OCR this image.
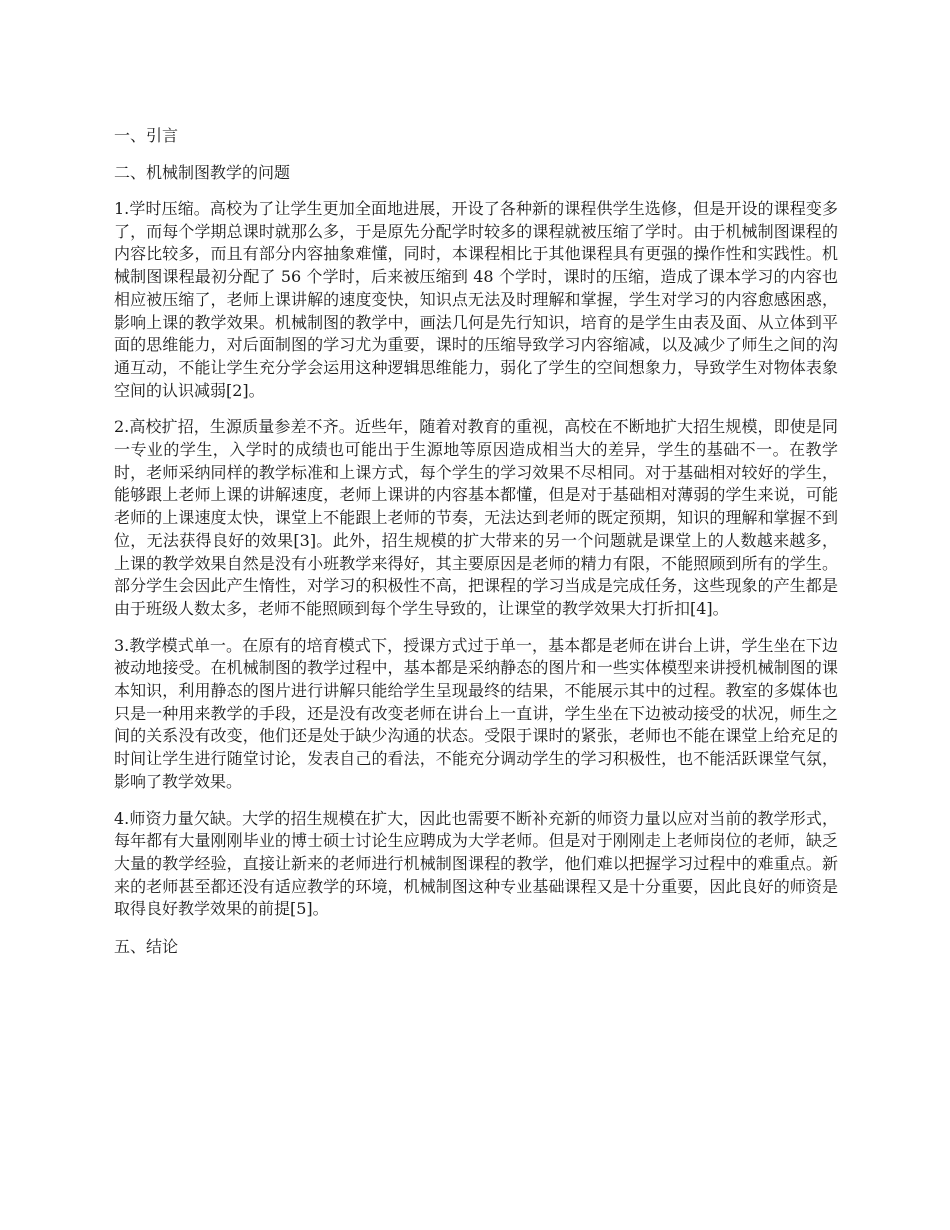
一、引言
二、机械制图教学的问题

1.学时压缩。高校为了让学生更加全面地进展，开设了各种新的课程供学生选修，但是开设的课程变多了，而每个学期总课时就那么多，于是原先分配学时较多的课程就被压缩了学时。由于机械制图课程的内容比较多，而且有部分内容抽象难懂，同时，本课程相比于其他课程具有更强的操作性和实践性。机械制图课程最初分配了 56 个学时，后来被压缩到 48 个学时，课时的压缩，造成了课本学习的内容也相应被压缩了，老师上课讲解的速度变快，知识点无法及时理解和掌握，学生对学习的内容愈感困惑，影响上课的教学效果。机械制图的教学中，画法几何是先行知识，培育的是学生由表及面、从立体到平面的思维能力，对后面制图的学习尤为重要，课时的压缩导致学习内容缩减，以及减少了师生之间的沟通互动，不能让学生充分学会运用这种逻辑思维能力，弱化了学生的空间想象力，导致学生对物体表象空间的认识减弱[2]。

2.高校扩招，生源质量参差不齐。近些年，随着对教育的重视，高校在不断地扩大招生规模，即使是同一专业的学生，入学时的成绩也可能出于生源地等原因造成相当大的差异，学生的基础不一。在教学时，老师采纳同样的教学标准和上课方式，每个学生的学习效果不尽相同。对于基础相对较好的学生，能够跟上老师上课的讲解速度，老师上课讲的内容基本都懂，但是对于基础相对薄弱的学生来说，可能老师的上课速度太快，课堂上不能跟上老师的节奏，无法达到老师的既定预期，知识的理解和掌握不到位，无法获得良好的效果[3]。此外，招生规模的扩大带来的另一个问题就是课堂上的人数越来越多，上课的教学效果自然是没有小班教学来得好，其主要原因是老师的精力有限，不能照顾到所有的学生。部分学生会因此产生惰性，对学习的积极性不高，把课程的学习当成是完成任务，这些现象的产生都是由于班级人数太多，老师不能照顾到每个学生导致的，让课堂的教学效果大打折扣[4]。

3.教学模式单一。在原有的培育模式下，授课方式过于单一，基本都是老师在讲台上讲，学生坐在下边被动地接受。在机械制图的教学过程中，基本都是采纳静态的图片和一些实体模型来讲授机械制图的课本知识，利用静态的图片进行讲解只能给学生呈现最终的结果，不能展示其中的过程。教室的多媒体也只是一种用来教学的手段，还是没有改变老师在讲台上一直讲，学生坐在下边被动接受的状况，师生之间的关系没有改变，他们还是处于缺少沟通的状态。受限于课时的紧张，老师也不能在课堂上给充足的时间让学生进行随堂讨论，发表自己的看法，不能充分调动学生的学习积极性，也不能活跃课堂气氛，影响了教学效果。

4.师资力量欠缺。大学的招生规模在扩大，因此也需要不断补充新的师资力量以应对当前的教学形式，每年都有大量刚刚毕业的博士硕士讨论生应聘成为大学老师。但是对于刚刚走上老师岗位的老师，缺乏大量的教学经验，直接让新来的老师进行机械制图课程的教学，他们难以把握学习过程中的难重点。新来的老师甚至都还没有适应教学的环境，机械制图这种专业基础课程又是十分重要，因此良好的师资是取得良好教学效果的前提[5]。

五、结论
